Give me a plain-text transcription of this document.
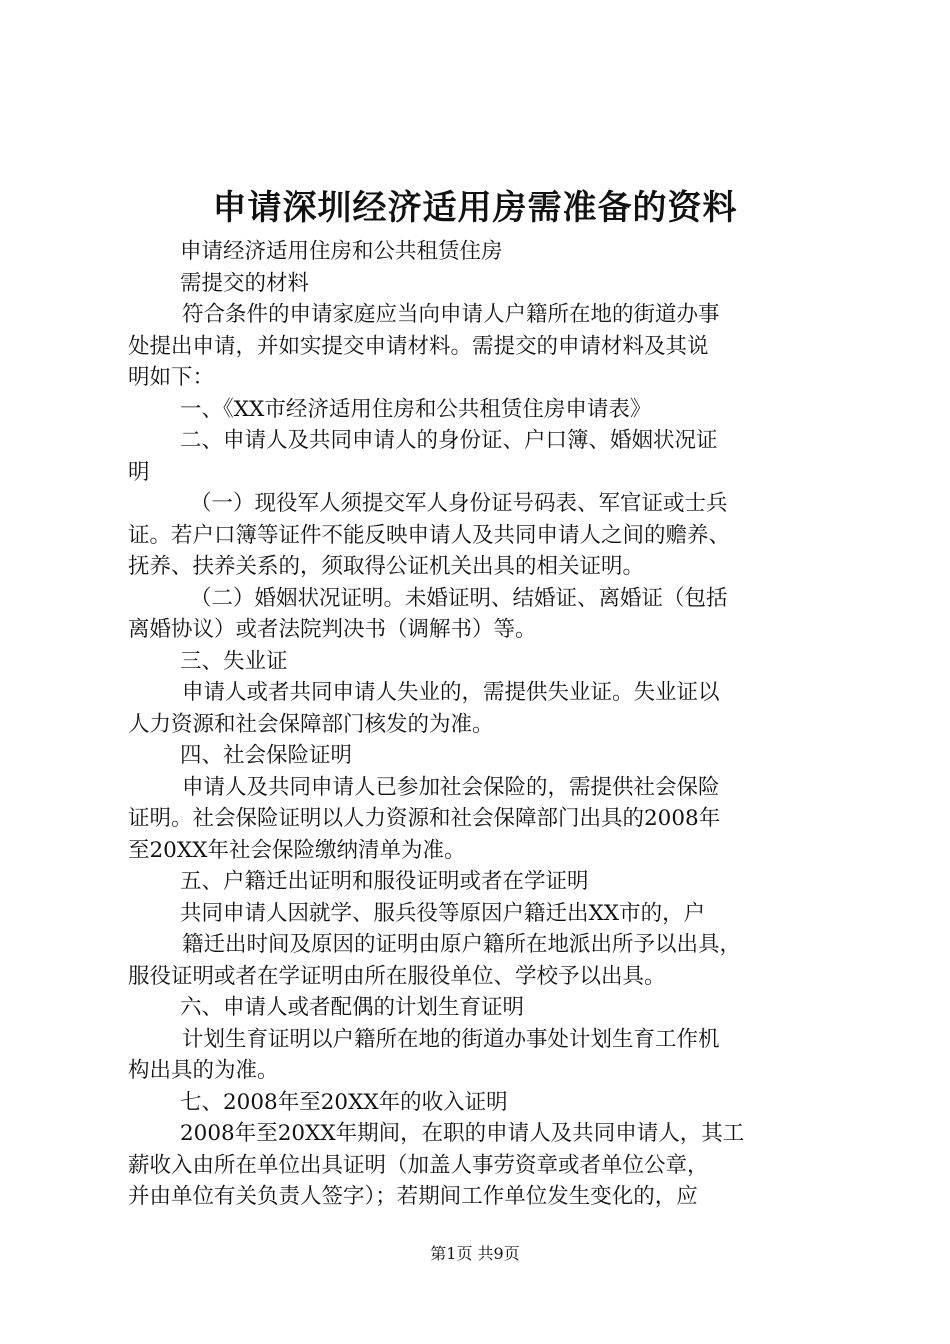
申请深圳经济适用房需准备的资料

申请经济适用住房和公共租赁住房

需提交的材料

符合条件的申请家庭应当向申请人户籍所在地的街道办事

处提出申请，并如实提交申请材料。需提交的申请材料及其说

明如下：

一、《XX市经济适用住房和公共租赁住房申请表》

二、申请人及共同申请人的身份证、户口簿、婚姻状况证

明

（一）现役军人须提交军人身份证号码表、军官证或士兵

证。若户口簿等证件不能反映申请人及共同申请人之间的赡养、

抚养、扶养关系的，须取得公证机关出具的相关证明。

（二）婚姻状况证明。未婚证明、结婚证、离婚证（包括

离婚协议）或者法院判决书（调解书）等。

三、失业证

申请人或者共同申请人失业的，需提供失业证。失业证以

人力资源和社会保障部门核发的为准。

四、社会保险证明

申请人及共同申请人已参加社会保险的，需提供社会保险

证明。社会保险证明以人力资源和社会保障部门出具的2008年

至20XX年社会保险缴纳清单为准。

五、户籍迁出证明和服役证明或者在学证明

共同申请人因就学、服兵役等原因户籍迁出XX市的，户

籍迁出时间及原因的证明由原户籍所在地派出所予以出具，

服役证明或者在学证明由所在服役单位、学校予以出具。

六、申请人或者配偶的计划生育证明

计划生育证明以户籍所在地的街道办事处计划生育工作机

构出具的为准。

七、2008年至20XX年的收入证明

2008年至20XX年期间，在职的申请人及共同申请人，其工

薪收入由所在单位出具证明（加盖人事劳资章或者单位公章，

并由单位有关负责人签字）；若期间工作单位发生变化的，应

第1页 共9页
